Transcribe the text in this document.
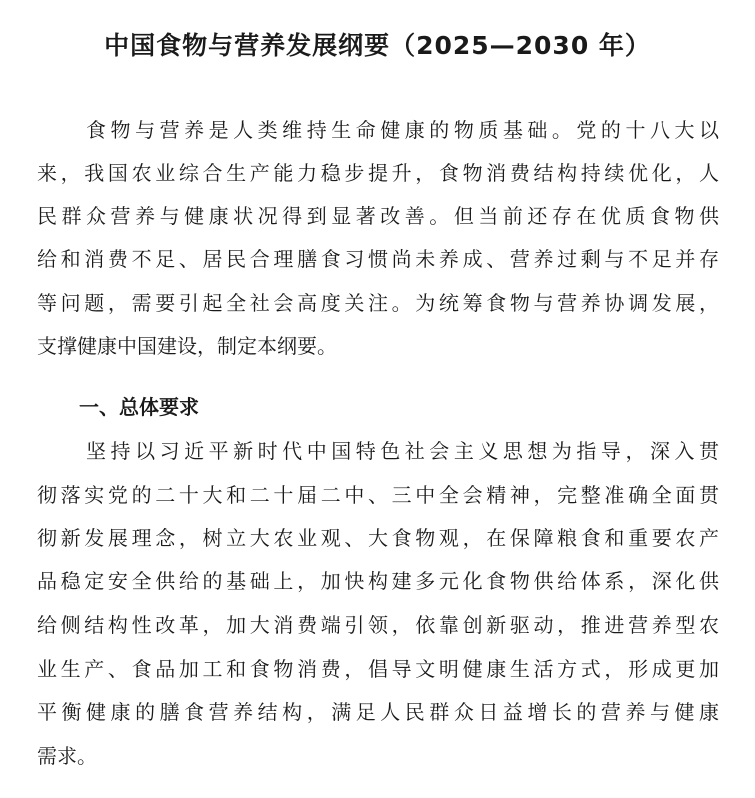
中国食物与营养发展纲要（2025—2030 年）
　　食物与营养是人类维持生命健康的物质基础。党的十八大以
来，我国农业综合生产能力稳步提升，食物消费结构持续优化，人
民群众营养与健康状况得到显著改善。但当前还存在优质食物供
给和消费不足、居民合理膳食习惯尚未养成、营养过剩与不足并存
等问题，需要引起全社会高度关注。为统筹食物与营养协调发展，
支撑健康中国建设，制定本纲要。
一、总体要求
　　坚持以习近平新时代中国特色社会主义思想为指导，深入贯
彻落实党的二十大和二十届二中、三中全会精神，完整准确全面贯
彻新发展理念，树立大农业观、大食物观，在保障粮食和重要农产
品稳定安全供给的基础上，加快构建多元化食物供给体系，深化供
给侧结构性改革，加大消费端引领，依靠创新驱动，推进营养型农
业生产、食品加工和食物消费，倡导文明健康生活方式，形成更加
平衡健康的膳食营养结构，满足人民群众日益增长的营养与健康
需求。
